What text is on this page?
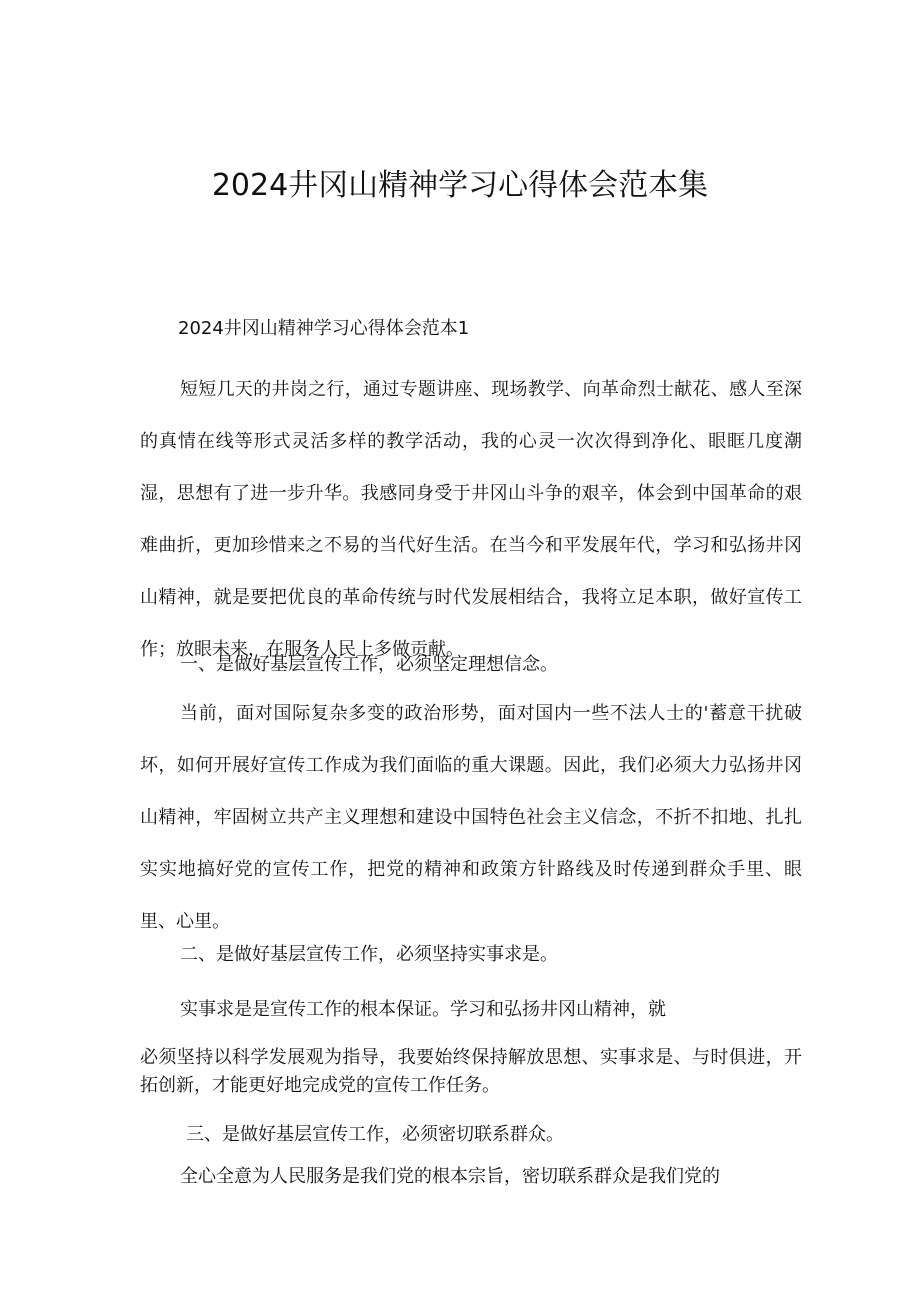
2024井冈山精神学习心得体会范本集

2024井冈山精神学习心得体会范本1

短短几天的井岗之行，通过专题讲座、现场教学、向革命烈士献花、感人至深的真情在线等形式灵活多样的教学活动，我的心灵一次次得到净化、眼眶几度潮湿，思想有了进一步升华。我感同身受于井冈山斗争的艰辛，体会到中国革命的艰难曲折，更加珍惜来之不易的当代好生活。在当今和平发展年代，学习和弘扬井冈山精神，就是要把优良的革命传统与时代发展相结合，我将立足本职，做好宣传工作；放眼未来，在服务人民上多做贡献。

一、是做好基层宣传工作，必须坚定理想信念。

当前，面对国际复杂多变的政治形势，面对国内一些不法人士的'蓄意干扰破坏，如何开展好宣传工作成为我们面临的重大课题。因此，我们必须大力弘扬井冈山精神，牢固树立共产主义理想和建设中国特色社会主义信念，不折不扣地、扎扎实实地搞好党的宣传工作，把党的精神和政策方针路线及时传递到群众手里、眼里、心里。

二、是做好基层宣传工作，必须坚持实事求是。

实事求是是宣传工作的根本保证。学习和弘扬井冈山精神，就

必须坚持以科学发展观为指导，我要始终保持解放思想、实事求是、与时俱进，开拓创新，才能更好地完成党的宣传工作任务。

三、是做好基层宣传工作，必须密切联系群众。

全心全意为人民服务是我们党的根本宗旨，密切联系群众是我们党的
